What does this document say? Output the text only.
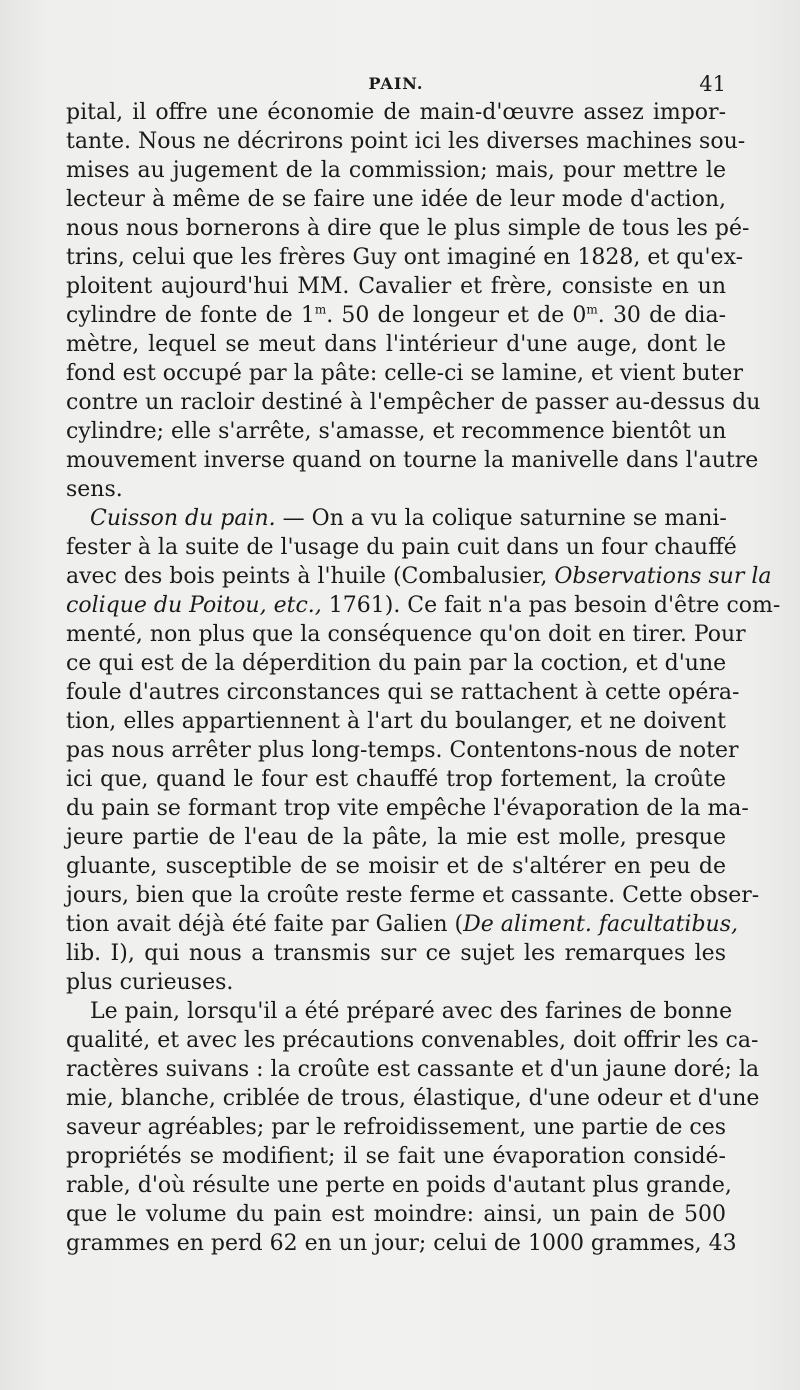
PAIN.	41
pital, il offre une économie de main-d'œuvre assez impor-
tante. Nous ne décrirons point ici les diverses machines sou-
mises au jugement de la commission; mais, pour mettre le
lecteur à même de se faire une idée de leur mode d'action,
nous nous bornerons à dire que le plus simple de tous les pé-
trins, celui que les frères Guy ont imaginé en 1828, et qu'ex-
ploitent aujourd'hui MM. Cavalier et frère, consiste en un
cylindre de fonte de 1$^m$. 50 de longeur et de 0$^m$. 30 de dia-
mètre, lequel se meut dans l'intérieur d'une auge, dont le
fond est occupé par la pâte: celle-ci se lamine, et vient buter
contre un racloir destiné à l'empêcher de passer au-dessus du
cylindre; elle s'arrête, s'amasse, et recommence bientôt un
mouvement inverse quand on tourne la manivelle dans l'autre
sens.
Cuisson du pain. — On a vu la colique saturnine se mani-
fester à la suite de l'usage du pain cuit dans un four chauffé
avec des bois peints à l'huile (Combalusier, Observations sur la
colique du Poitou, etc., 1761). Ce fait n'a pas besoin d'être com-
menté, non plus que la conséquence qu'on doit en tirer. Pour
ce qui est de la déperdition du pain par la coction, et d'une
foule d'autres circonstances qui se rattachent à cette opéra-
tion, elles appartiennent à l'art du boulanger, et ne doivent
pas nous arrêter plus long-temps. Contentons-nous de noter
ici que, quand le four est chauffé trop fortement, la croûte
du pain se formant trop vite empêche l'évaporation de la ma-
jeure partie de l'eau de la pâte, la mie est molle, presque
gluante, susceptible de se moisir et de s'altérer en peu de
jours, bien que la croûte reste ferme et cassante. Cette obser-
tion avait déjà été faite par Galien (De aliment. facultatibus,
lib. I), qui nous a transmis sur ce sujet les remarques les
plus curieuses.
Le pain, lorsqu'il a été préparé avec des farines de bonne
qualité, et avec les précautions convenables, doit offrir les ca-
ractères suivans : la croûte est cassante et d'un jaune doré; la
mie, blanche, criblée de trous, élastique, d'une odeur et d'une
saveur agréables; par le refroidissement, une partie de ces
propriétés se modifient; il se fait une évaporation considé-
rable, d'où résulte une perte en poids d'autant plus grande,
que le volume du pain est moindre: ainsi, un pain de 500
grammes en perd 62 en un jour; celui de 1000 grammes, 43
